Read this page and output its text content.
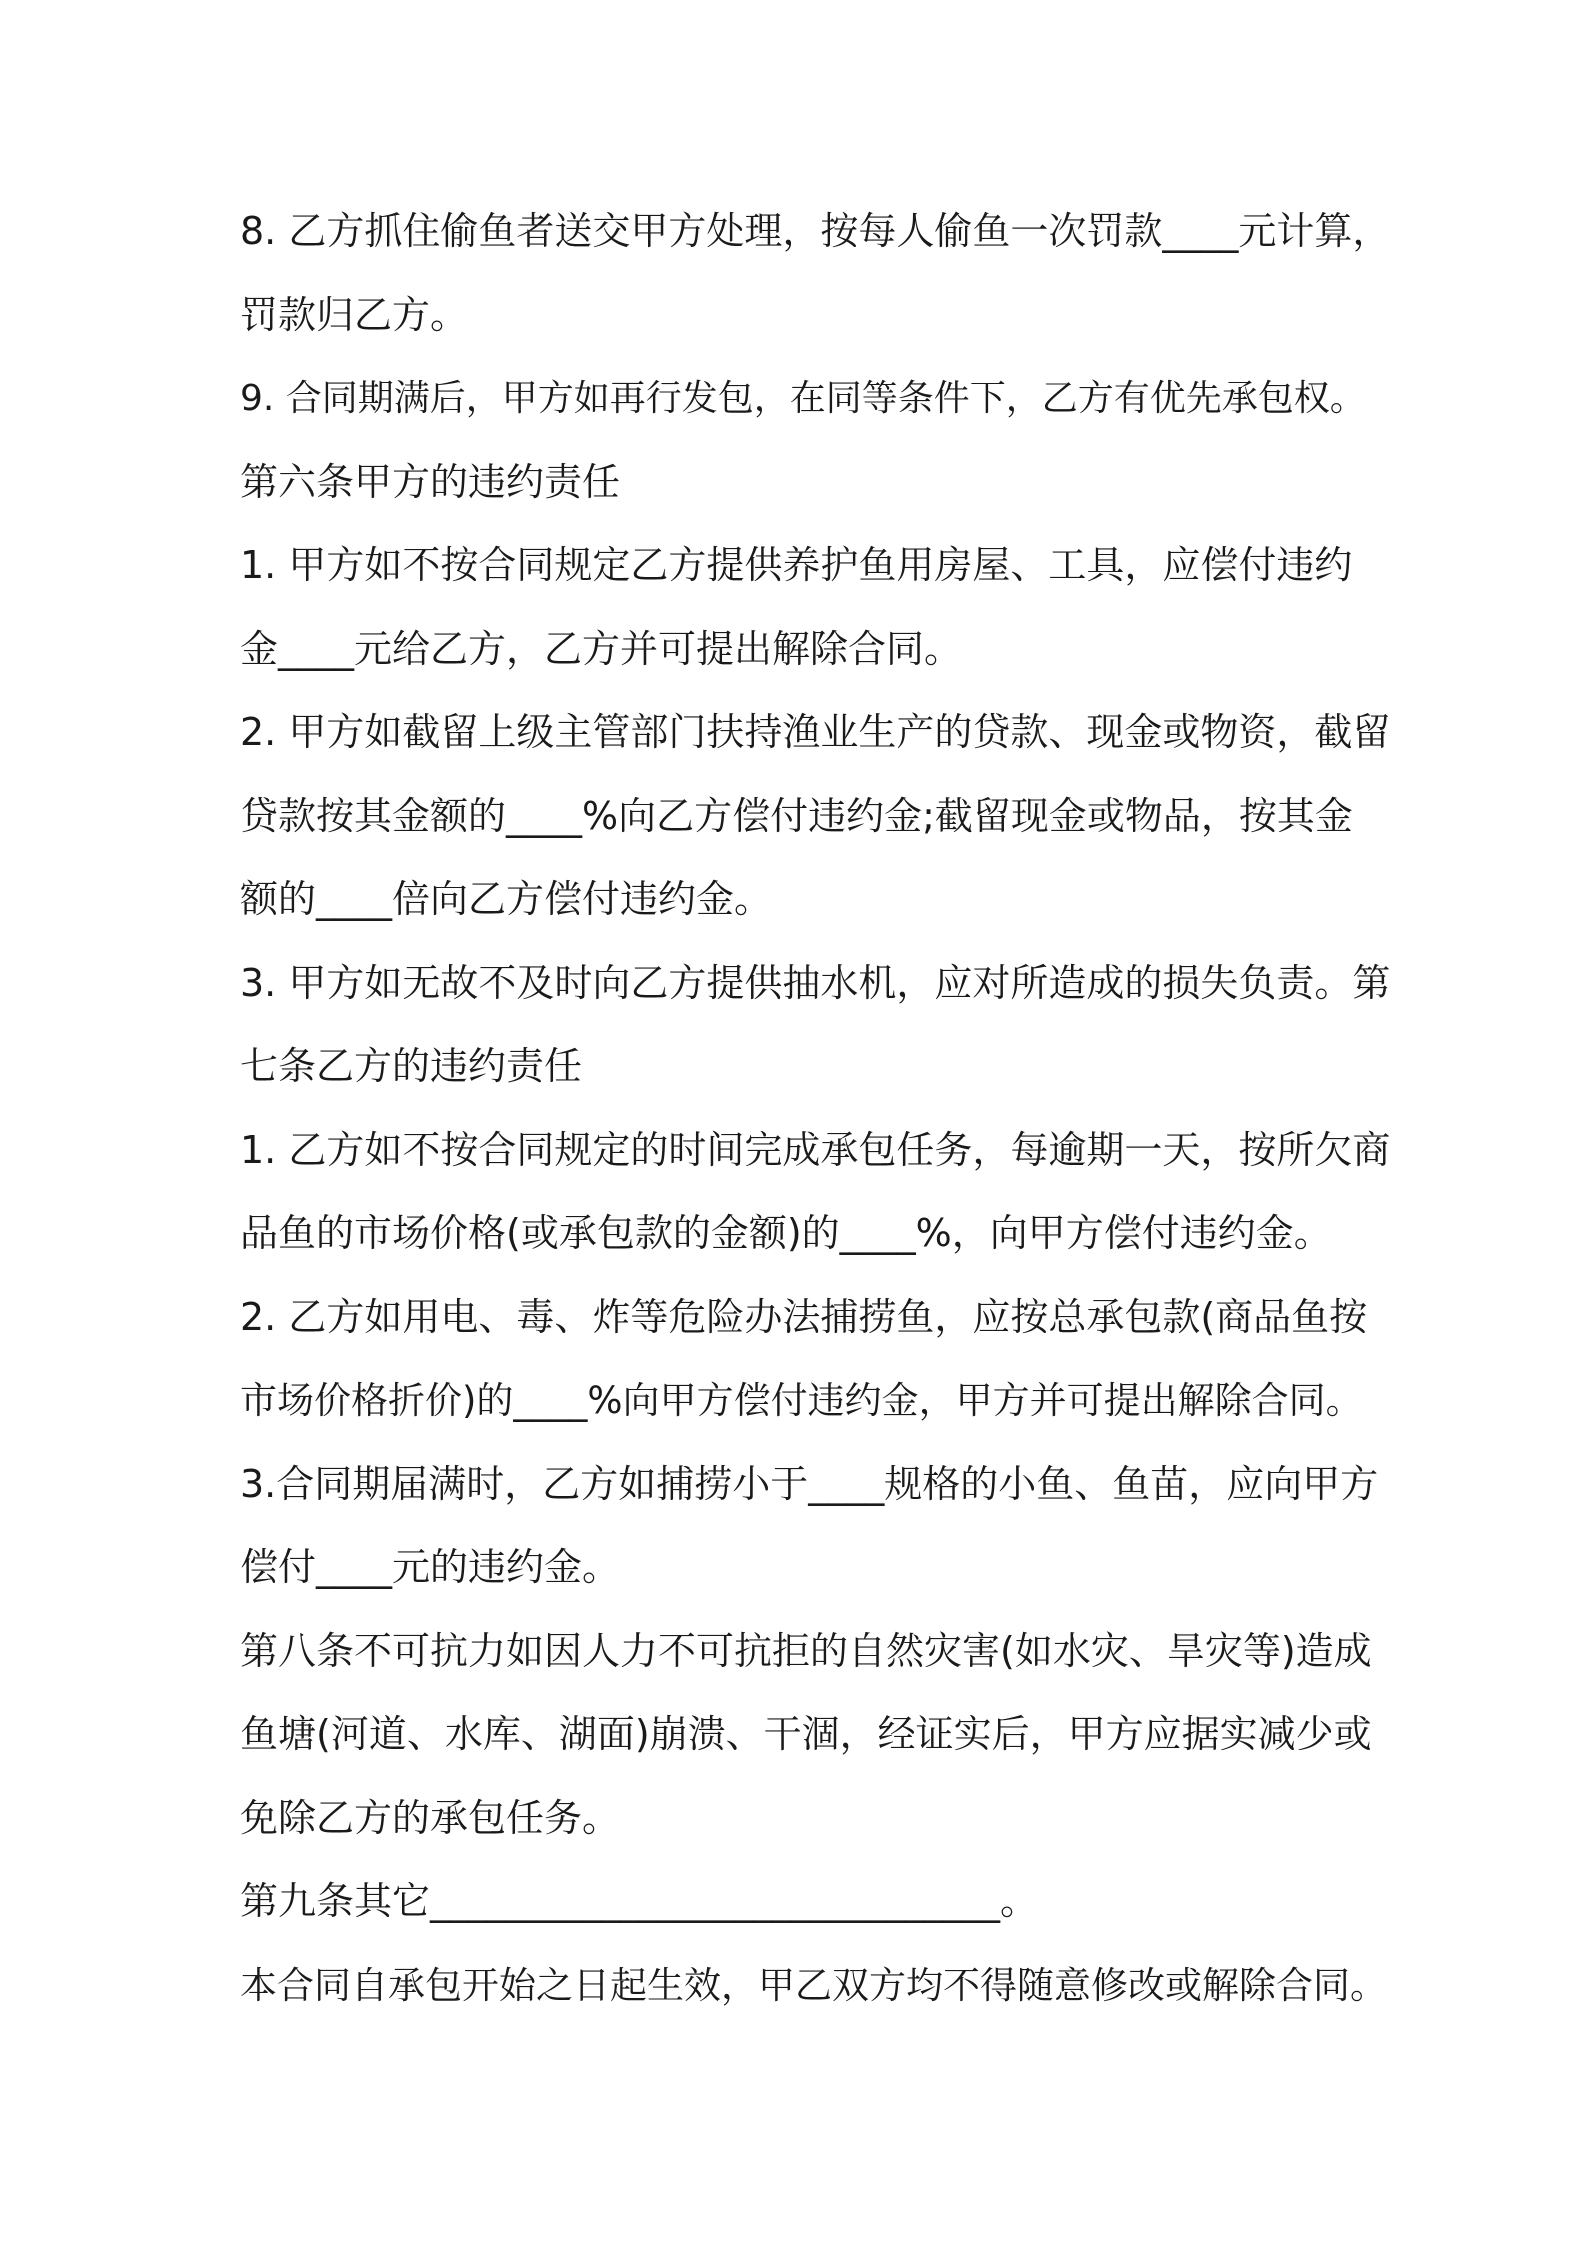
8. 乙方抓住偷鱼者送交甲方处理，按每人偷鱼一次罚款____元计算，
罚款归乙方。
9. 合同期满后，甲方如再行发包，在同等条件下，乙方有优先承包权。
第六条甲方的违约责任
1. 甲方如不按合同规定乙方提供养护鱼用房屋、工具，应偿付违约
金____元给乙方，乙方并可提出解除合同。
2. 甲方如截留上级主管部门扶持渔业生产的贷款、现金或物资，截留
贷款按其金额的____%向乙方偿付违约金;截留现金或物品，按其金
额的____倍向乙方偿付违约金。
3. 甲方如无故不及时向乙方提供抽水机，应对所造成的损失负责。第
七条乙方的违约责任
1. 乙方如不按合同规定的时间完成承包任务，每逾期一天，按所欠商
品鱼的市场价格(或承包款的金额)的____%，向甲方偿付违约金。
2. 乙方如用电、毒、炸等危险办法捕捞鱼，应按总承包款(商品鱼按
市场价格折价)的____%向甲方偿付违约金，甲方并可提出解除合同。
3.合同期届满时，乙方如捕捞小于____规格的小鱼、鱼苗，应向甲方
偿付____元的违约金。
第八条不可抗力如因人力不可抗拒的自然灾害(如水灾、旱灾等)造成
鱼塘(河道、水库、湖面)崩溃、干涸，经证实后，甲方应据实减少或
免除乙方的承包任务。
第九条其它______________________________。
本合同自承包开始之日起生效，甲乙双方均不得随意修改或解除合同。
